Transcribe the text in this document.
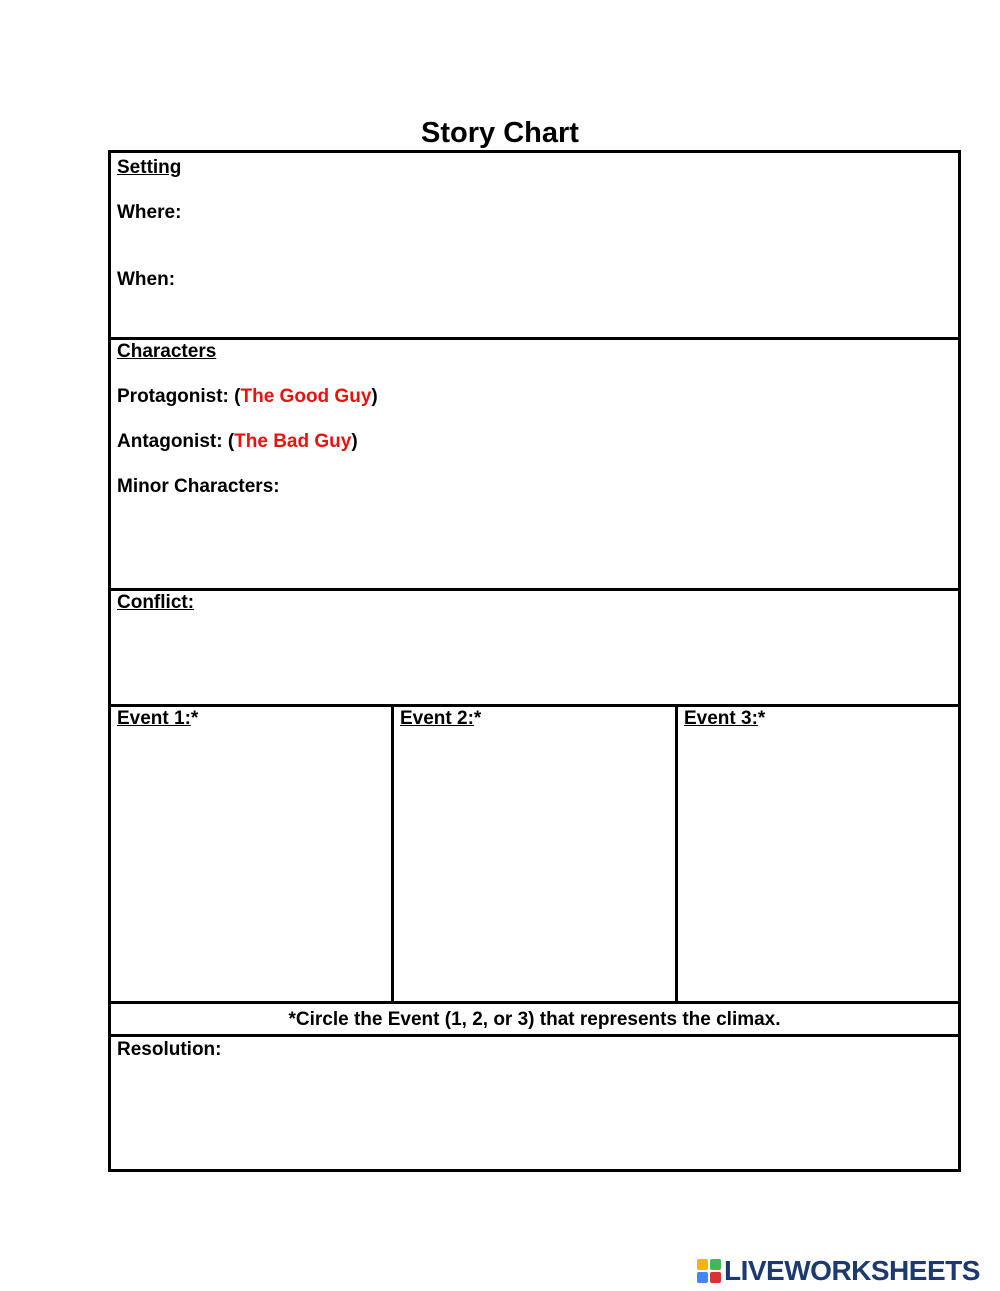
Story Chart
Setting
Where:
When:
Characters
Protagonist: (The Good Guy)
Antagonist: (The Bad Guy)
Minor Characters:
Conflict:
Event 1:*	Event 2:*	Event 3:*
*Circle the Event (1, 2, or 3) that represents the climax.
Resolution:
LIVEWORKSHEETS
